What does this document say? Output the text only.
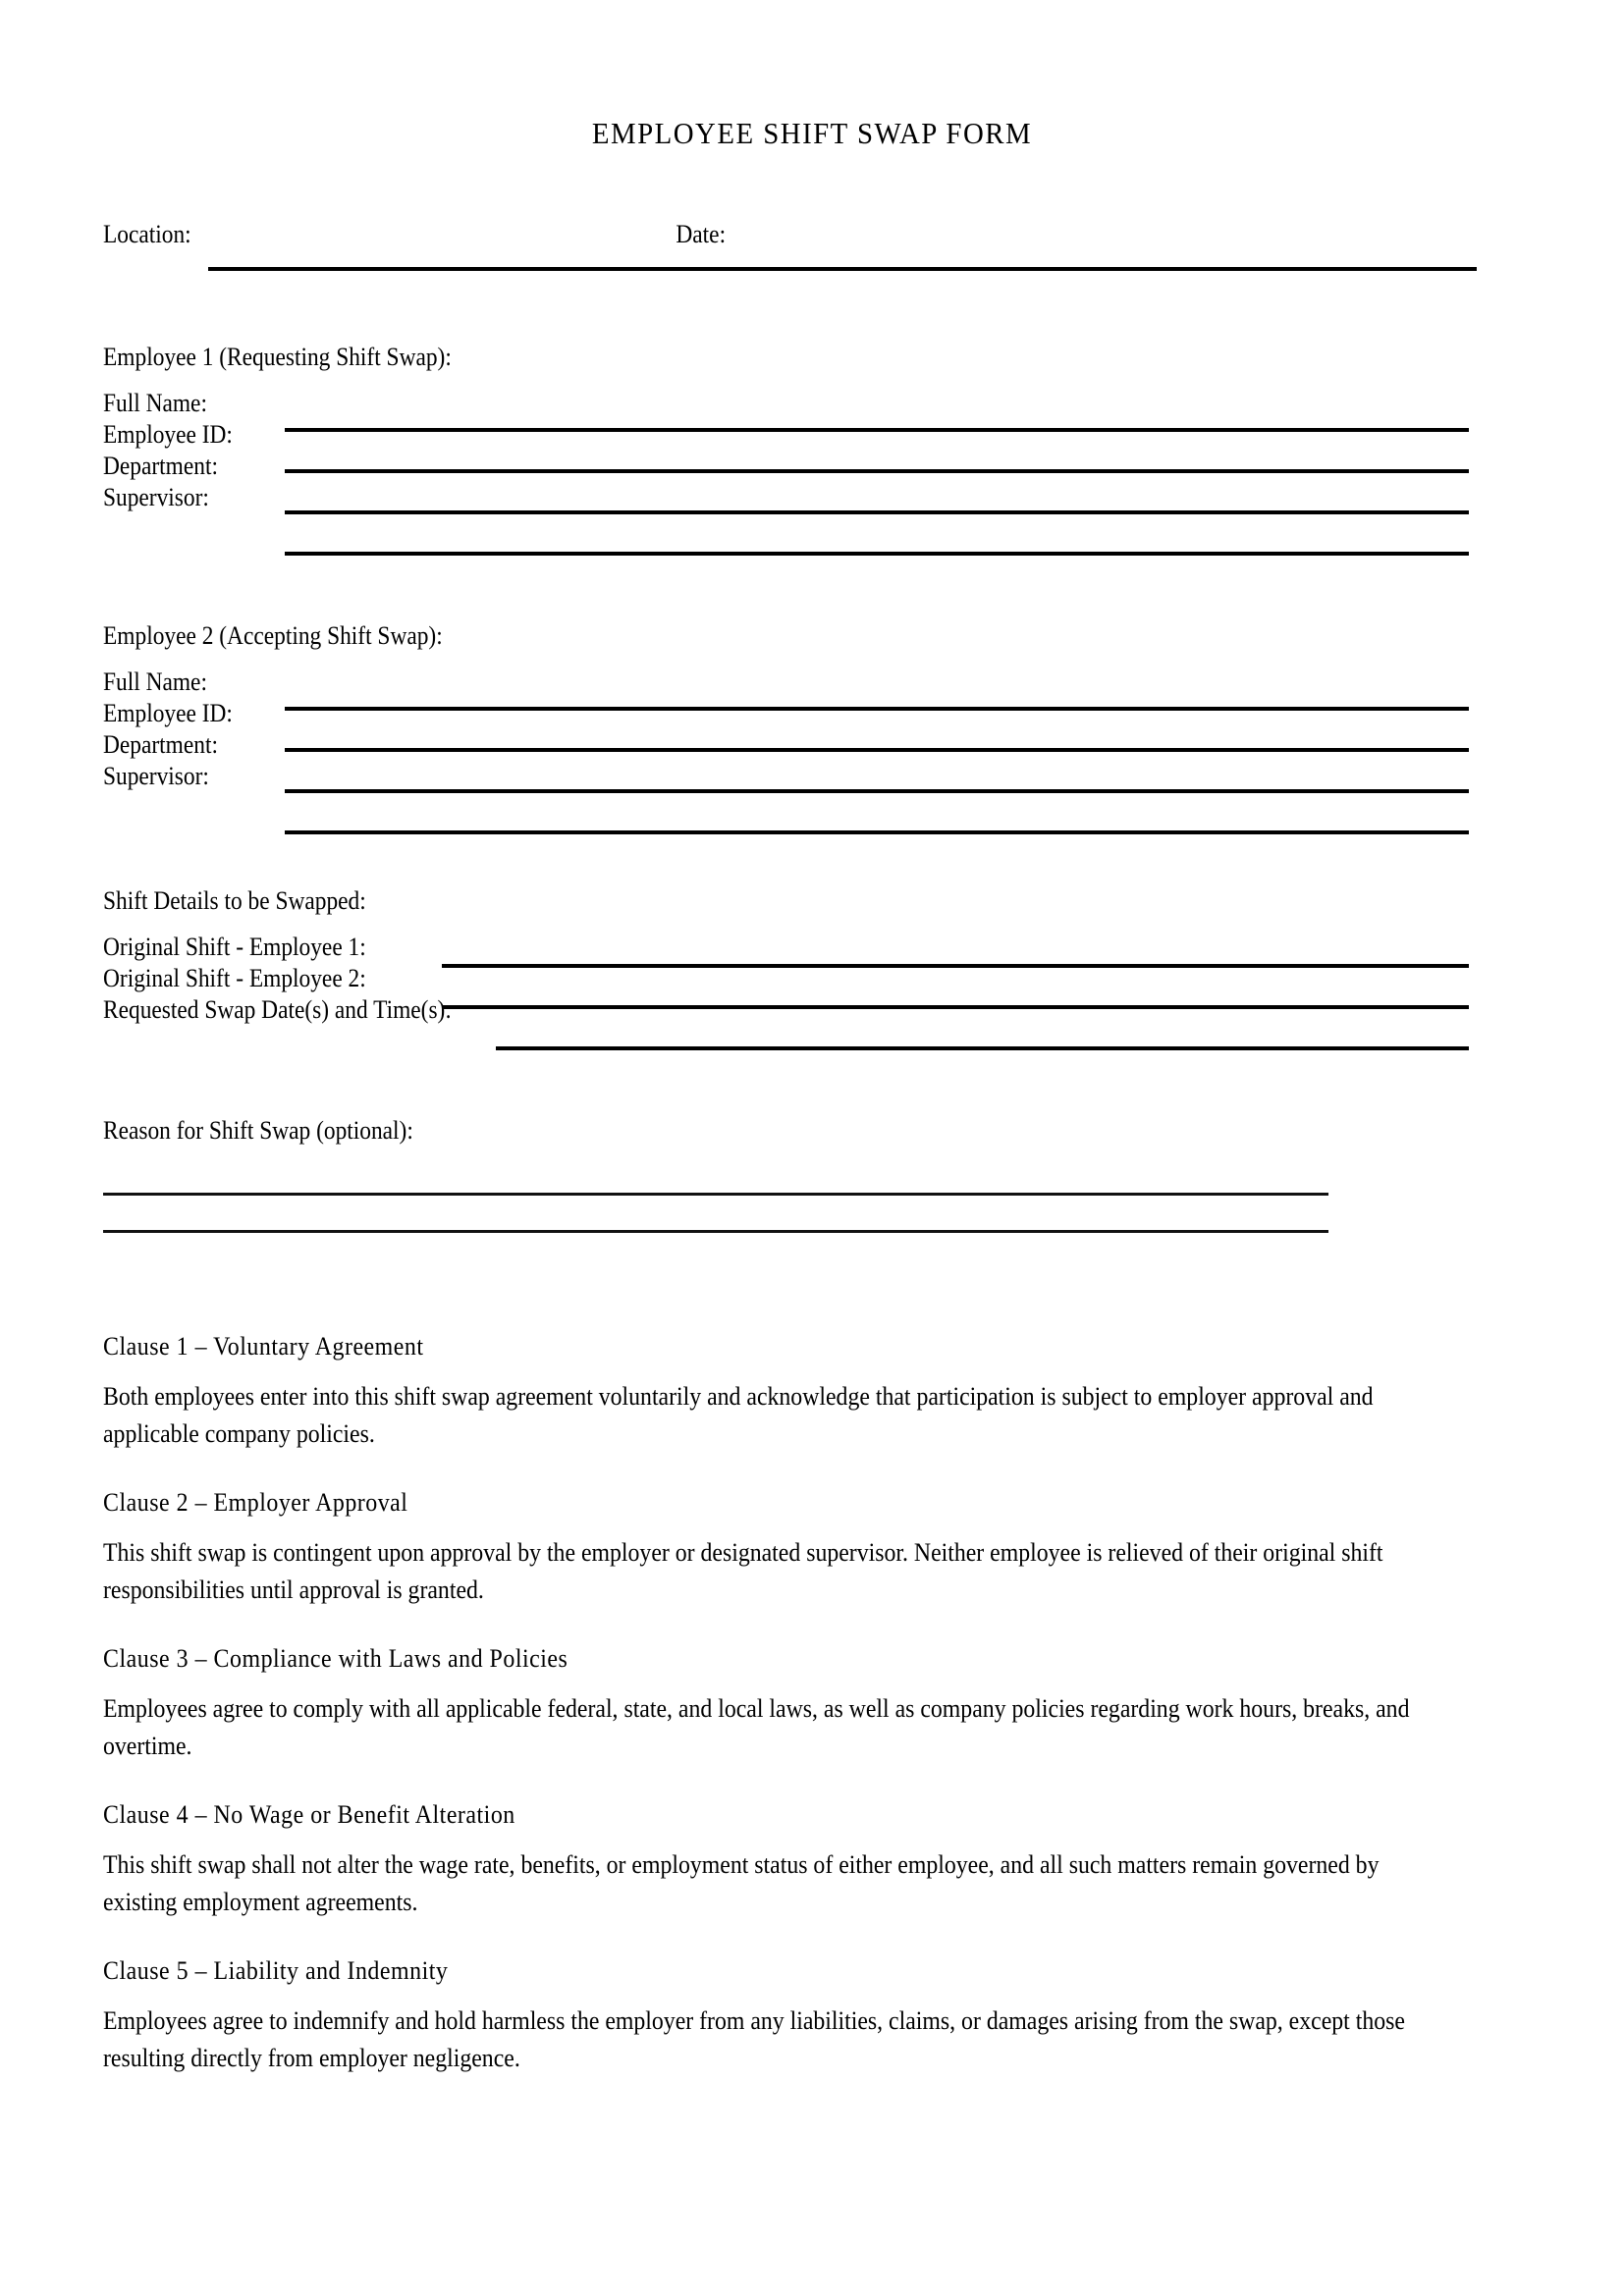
EMPLOYEE SHIFT SWAP FORM
Location:	Date:
Employee 1 (Requesting Shift Swap):
Full Name:
Employee ID:
Department:
Supervisor:
Employee 2 (Accepting Shift Swap):
Full Name:
Employee ID:
Department:
Supervisor:
Shift Details to be Swapped:
Original Shift - Employee 1:
Original Shift - Employee 2:
Requested Swap Date(s) and Time(s):
Reason for Shift Swap (optional):
Clause 1 – Voluntary Agreement
Both employees enter into this shift swap agreement voluntarily and acknowledge that participation is subject to employer approval and applicable company policies.
Clause 2 – Employer Approval
This shift swap is contingent upon approval by the employer or designated supervisor. Neither employee is relieved of their original shift responsibilities until approval is granted.
Clause 3 – Compliance with Laws and Policies
Employees agree to comply with all applicable federal, state, and local laws, as well as company policies regarding work hours, breaks, and overtime.
Clause 4 – No Wage or Benefit Alteration
This shift swap shall not alter the wage rate, benefits, or employment status of either employee, and all such matters remain governed by existing employment agreements.
Clause 5 – Liability and Indemnity
Employees agree to indemnify and hold harmless the employer from any liabilities, claims, or damages arising from the swap, except those resulting directly from employer negligence.
